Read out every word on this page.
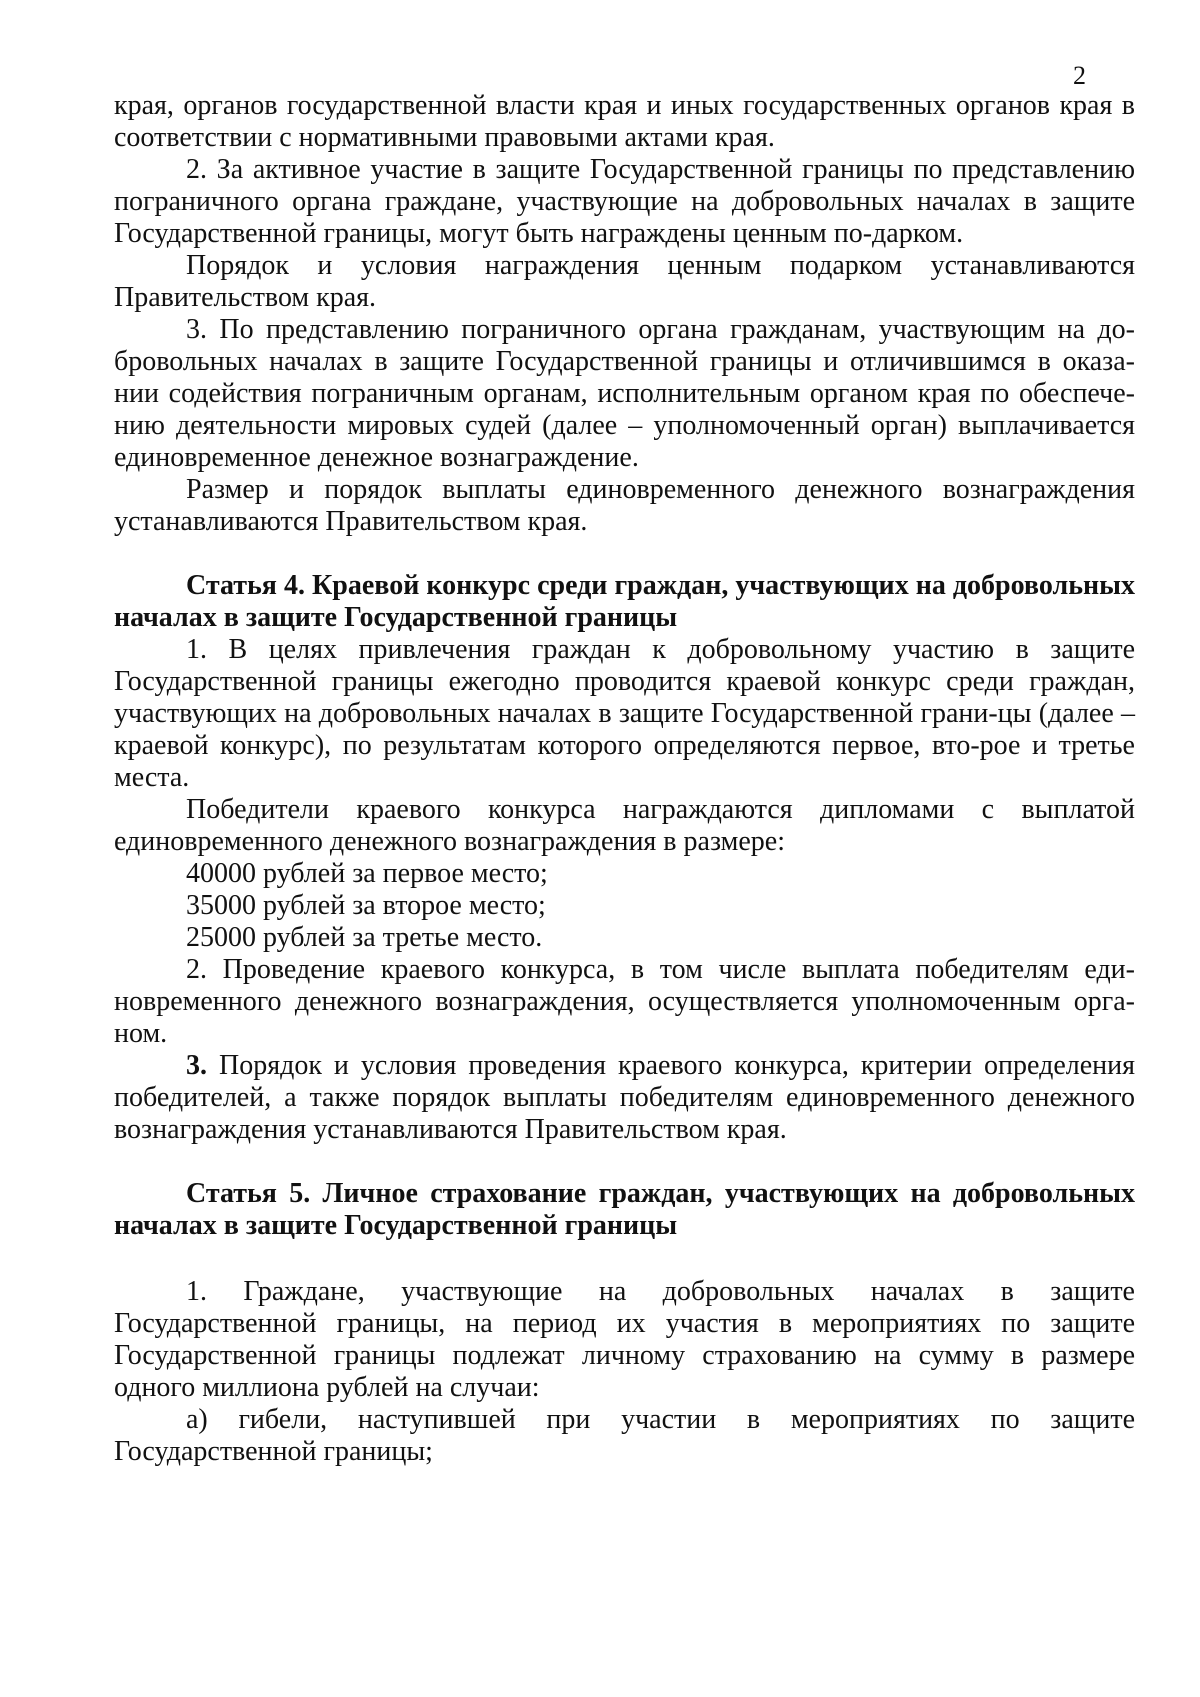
2

края, органов государственной власти края и иных государственных органов края в соответствии с нормативными правовыми актами края.

2. За активное участие в защите Государственной границы по представлению пограничного органа граждане, участвующие на добровольных началах в защите Государственной границы, могут быть награждены ценным по-дарком.

Порядок и условия награждения ценным подарком устанавливаются Правительством края.

3. По представлению пограничного органа гражданам, участвующим на до-бровольных началах в защите Государственной границы и отличившимся в оказа-нии содействия пограничным органам, исполнительным органом края по обеспече-нию деятельности мировых судей (далее – уполномоченный орган) выплачивается единовременное денежное вознаграждение.

Размер и порядок выплаты единовременного денежного вознаграждения устанавливаются Правительством края.

Статья 4. Краевой конкурс среди граждан, участвующих на добровольных началах в защите Государственной границы

1. В целях привлечения граждан к добровольному участию в защите Государственной границы ежегодно проводится краевой конкурс среди граждан, участвующих на добровольных началах в защите Государственной грани-цы (далее – краевой конкурс), по результатам которого определяются первое, вто-рое и третье места.

Победители краевого конкурса награждаются дипломами с выплатой единовременного денежного вознаграждения в размере:

40000 рублей за первое место;

35000 рублей за второе место;

25000 рублей за третье место.

2. Проведение краевого конкурса, в том числе выплата победителям еди-новременного денежного вознаграждения, осуществляется уполномоченным орга-ном.

3. Порядок и условия проведения краевого конкурса, критерии определения победителей, а также порядок выплаты победителям единовременного денежного вознаграждения устанавливаются Правительством края.

Статья 5. Личное страхование граждан, участвующих на добровольных началах в защите Государственной границы

1. Граждане, участвующие на добровольных началах в защите Государственной границы, на период их участия в мероприятиях по защите Государственной границы подлежат личному страхованию на сумму в размере одного миллиона рублей на случаи:

а) гибели, наступившей при участии в мероприятиях по защите Государственной границы;
